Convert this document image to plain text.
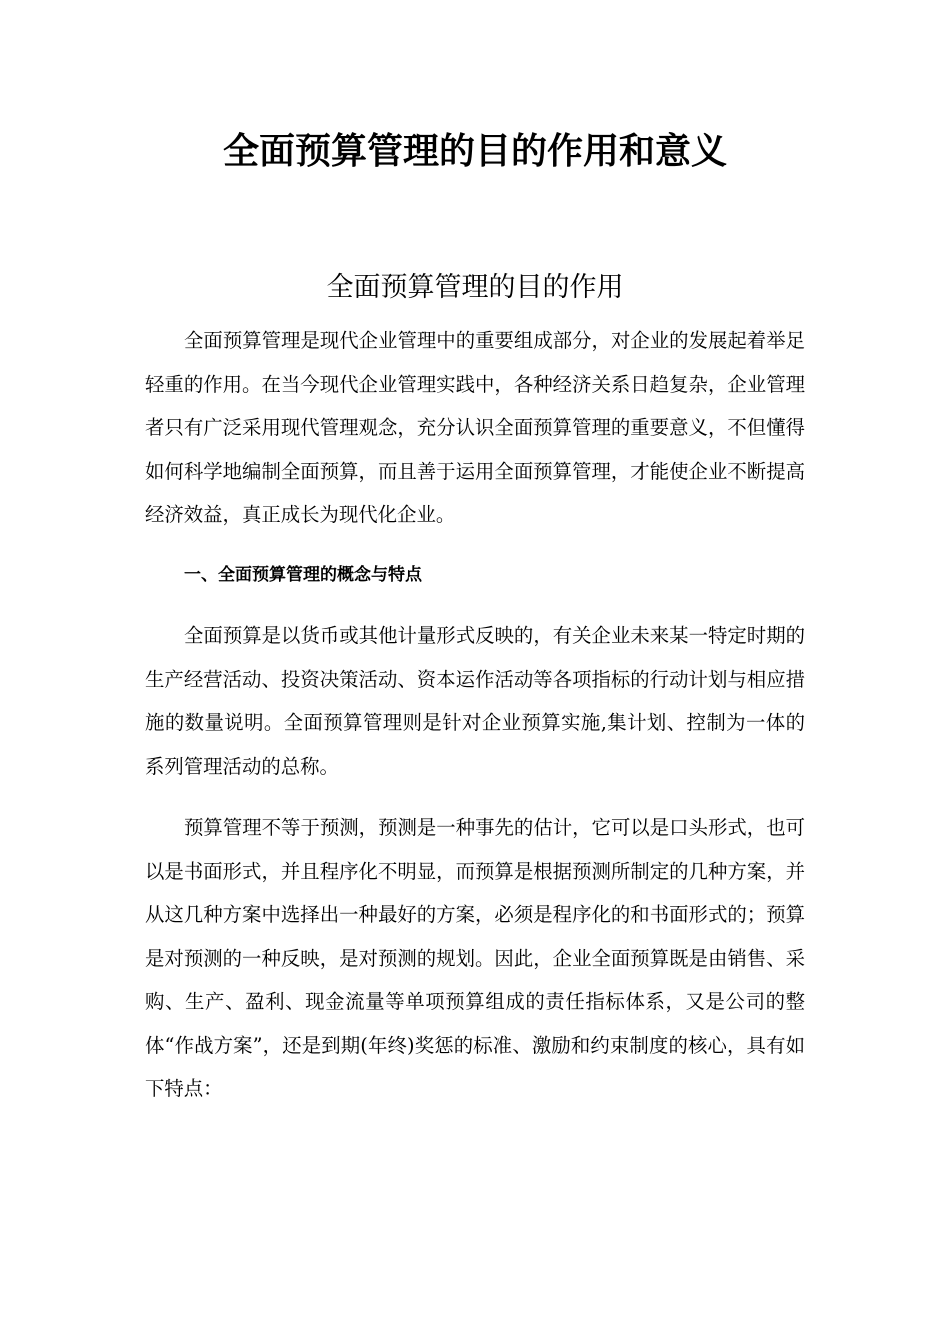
全面预算管理的目的作用和意义
全面预算管理的目的作用

全面预算管理是现代企业管理中的重要组成部分，对企业的发展起着举足轻重的作用。在当今现代企业管理实践中，各种经济关系日趋复杂，企业管理者只有广泛采用现代管理观念，充分认识全面预算管理的重要意义，不但懂得如何科学地编制全面预算，而且善于运用全面预算管理，才能使企业不断提高经济效益，真正成长为现代化企业。

一、全面预算管理的概念与特点

全面预算是以货币或其他计量形式反映的，有关企业未来某一特定时期的生产经营活动、投资决策活动、资本运作活动等各项指标的行动计划与相应措施的数量说明。全面预算管理则是针对企业预算实施,集计划、控制为一体的系列管理活动的总称。

预算管理不等于预测，预测是一种事先的估计，它可以是口头形式，也可以是书面形式，并且程序化不明显，而预算是根据预测所制定的几种方案，并从这几种方案中选择出一种最好的方案，必须是程序化的和书面形式的；预算是对预测的一种反映，是对预测的规划。因此，企业全面预算既是由销售、采购、生产、盈利、现金流量等单项预算组成的责任指标体系，又是公司的整体“作战方案”，还是到期(年终)奖惩的标准、激励和约束制度的核心，具有如下特点：
